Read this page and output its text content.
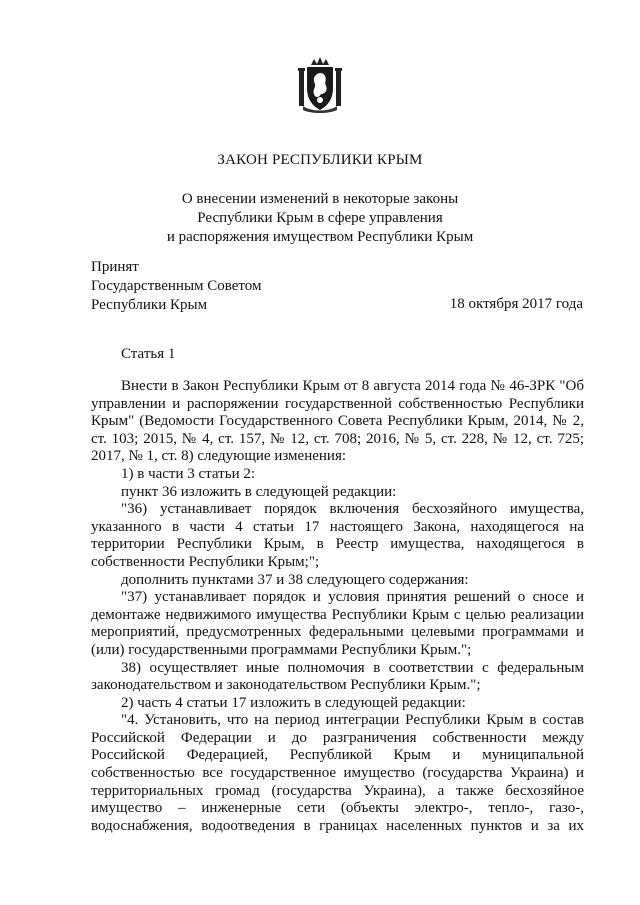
ЗАКОН РЕСПУБЛИКИ КРЫМ
О внесении изменений в некоторые законы
Республики Крым в сфере управления
и распоряжения имуществом Республики Крым
Принят
Государственным Советом
Республики Крым	18 октября 2017 года
Статья 1

Внести в Закон Республики Крым от 8 августа 2014 года № 46-ЗРК "Об управлении и распоряжении государственной собственностью Республики Крым" (Ведомости Государственного Совета Республики Крым, 2014, № 2, ст. 103; 2015, № 4, ст. 157, № 12, ст. 708; 2016, № 5, ст. 228, № 12, ст. 725; 2017, № 1, ст. 8) следующие изменения:

1) в части 3 статьи 2:

пункт 36 изложить в следующей редакции:

"36) устанавливает порядок включения бесхозяйного имущества, указанного в части 4 статьи 17 настоящего Закона, находящегося на территории Республики Крым, в Реестр имущества, находящегося в собственности Республики Крым;";

дополнить пунктами 37 и 38 следующего содержания:

"37) устанавливает порядок и условия принятия решений о сносе и демонтаже недвижимого имущества Республики Крым с целью реализации мероприятий, предусмотренных федеральными целевыми программами и (или) государственными программами Республики Крым.";

38) осуществляет иные полномочия в соответствии с федеральным законодательством и законодательством Республики Крым.";

2) часть 4 статьи 17 изложить в следующей редакции:

"4. Установить, что на период интеграции Республики Крым в состав Российской Федерации и до разграничения собственности между Российской Федерацией, Республикой Крым и муниципальной собственностью все государственное имущество (государства Украина) и территориальных громад (государства Украина), а также бесхозяйное имущество – инженерные сети (объекты электро-, тепло-, газо-, водоснабжения, водоотведения в границах населенных пунктов и за их
